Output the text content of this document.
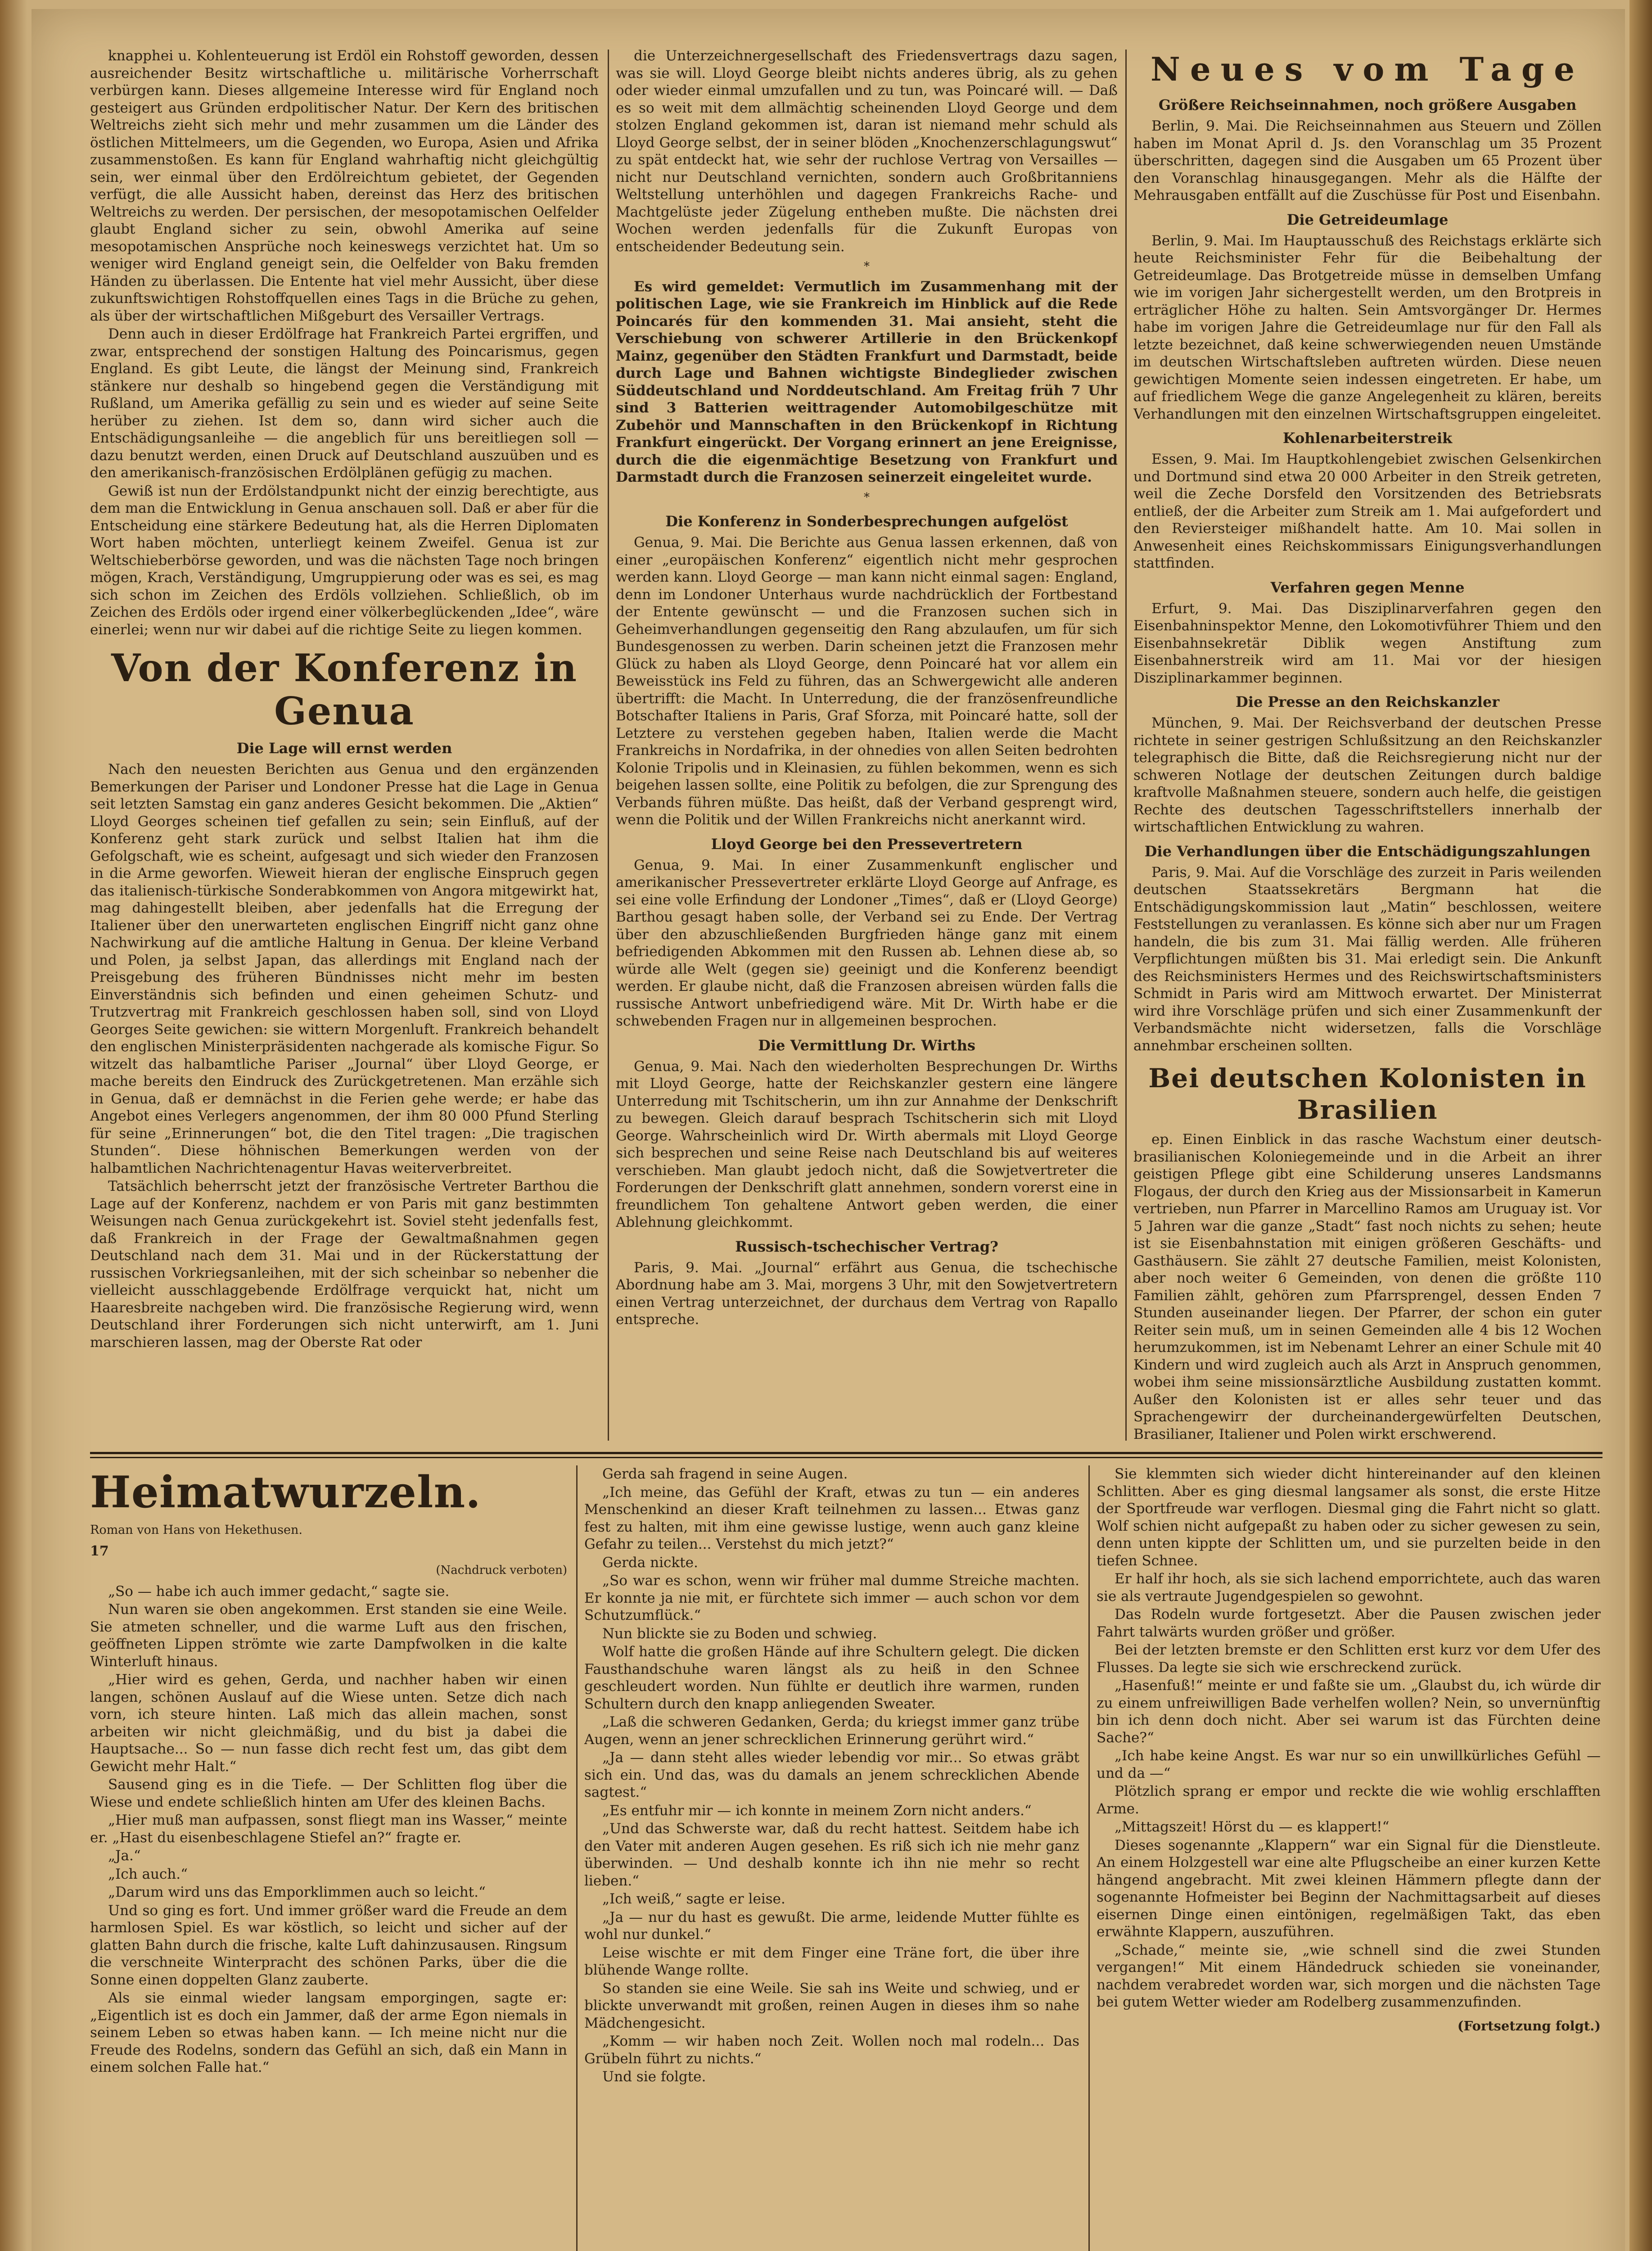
knapphei u. Kohlenteuerung ist Erdöl ein Rohstoff geworden, dessen ausreichender Besitz wirtschaftliche u. militärische Vorherrschaft verbürgen kann. Dieses allgemeine Interesse wird für England noch gesteigert aus Gründen erdpolitischer Natur. Der Kern des britischen Weltreichs zieht sich mehr und mehr zusammen um die Länder des östlichen Mittelmeers, um die Gegenden, wo Europa, Asien und Afrika zusammenstoßen. Es kann für England wahrhaftig nicht gleichgültig sein, wer einmal über den Erdölreichtum gebietet, der Gegenden verfügt, die alle Aussicht haben, dereinst das Herz des britischen Weltreichs zu werden. Der persischen, der mesopotamischen Oelfelder glaubt England sicher zu sein, obwohl Amerika auf seine mesopotamischen Ansprüche noch keineswegs verzichtet hat. Um so weniger wird England geneigt sein, die Oelfelder von Baku fremden Händen zu überlassen. Die Entente hat viel mehr Aussicht, über diese zukunftswichtigen Rohstoffquellen eines Tags in die Brüche zu gehen, als über der wirtschaftlichen Mißgeburt des Versailler Vertrags.

Denn auch in dieser Erdölfrage hat Frankreich Partei ergriffen, und zwar, entsprechend der sonstigen Haltung des Poincarismus, gegen England. Es gibt Leute, die längst der Meinung sind, Frankreich stänkere nur deshalb so hingebend gegen die Verständigung mit Rußland, um Amerika gefällig zu sein und es wieder auf seine Seite herüber zu ziehen. Ist dem so, dann wird sicher auch die Entschädigungsanleihe — die angeblich für uns bereitliegen soll — dazu benutzt werden, einen Druck auf Deutschland auszuüben und es den amerikanisch-französischen Erdölplänen gefügig zu machen.

Gewiß ist nun der Erdölstandpunkt nicht der einzig berechtigte, aus dem man die Entwicklung in Genua anschauen soll. Daß er aber für die Entscheidung eine stärkere Bedeutung hat, als die Herren Diplomaten Wort haben möchten, unterliegt keinem Zweifel. Genua ist zur Weltschieberbörse geworden, und was die nächsten Tage noch bringen mögen, Krach, Verständigung, Umgruppierung oder was es sei, es mag sich schon im Zeichen des Erdöls vollziehen. Schließlich, ob im Zeichen des Erdöls oder irgend einer völkerbeglückenden „Idee“, wäre einerlei; wenn nur wir dabei auf die richtige Seite zu liegen kommen.

Von der Konferenz in Genua
Die Lage will ernst werden

Nach den neuesten Berichten aus Genua und den ergänzenden Bemerkungen der Pariser und Londoner Presse hat die Lage in Genua seit letzten Samstag ein ganz anderes Gesicht bekommen. Die „Aktien“ Lloyd Georges scheinen tief gefallen zu sein; sein Einfluß, auf der Konferenz geht stark zurück und selbst Italien hat ihm die Gefolgschaft, wie es scheint, aufgesagt und sich wieder den Franzosen in die Arme geworfen. Wieweit hieran der englische Einspruch gegen das italienisch-türkische Sonderabkommen von Angora mitgewirkt hat, mag dahingestellt bleiben, aber jedenfalls hat die Erregung der Italiener über den unerwarteten englischen Eingriff nicht ganz ohne Nachwirkung auf die amtliche Haltung in Genua. Der kleine Verband und Polen, ja selbst Japan, das allerdings mit England nach der Preisgebung des früheren Bündnisses nicht mehr im besten Einverständnis sich befinden und einen geheimen Schutz- und Trutzvertrag mit Frankreich geschlossen haben soll, sind von Lloyd Georges Seite gewichen: sie wittern Morgenluft. Frankreich behandelt den englischen Ministerpräsidenten nachgerade als komische Figur. So witzelt das halbamtliche Pariser „Journal“ über Lloyd George, er mache bereits den Eindruck des Zurückgetretenen. Man erzähle sich in Genua, daß er demnächst in die Ferien gehe werde; er habe das Angebot eines Verlegers angenommen, der ihm 80 000 Pfund Sterling für seine „Erinnerungen“ bot, die den Titel tragen: „Die tragischen Stunden“. Diese höhnischen Bemerkungen werden von der halbamtlichen Nachrichtenagentur Havas weiterverbreitet.

Tatsächlich beherrscht jetzt der französische Vertreter Barthou die Lage auf der Konferenz, nachdem er von Paris mit ganz bestimmten Weisungen nach Genua zurückgekehrt ist. Soviel steht jedenfalls fest, daß Frankreich in der Frage der Gewaltmaßnahmen gegen Deutschland nach dem 31. Mai und in der Rückerstattung der russischen Vorkriegsanleihen, mit der sich scheinbar so nebenher die vielleicht ausschlaggebende Erdölfrage verquickt hat, nicht um Haaresbreite nachgeben wird. Die französische Regierung wird, wenn Deutschland ihrer Forderungen sich nicht unterwirft, am 1. Juni marschieren lassen, mag der Oberste Rat oder

die Unterzeichnergesellschaft des Friedensvertrags dazu sagen, was sie will. Lloyd George bleibt nichts anderes übrig, als zu gehen oder wieder einmal umzufallen und zu tun, was Poincaré will. — Daß es so weit mit dem allmächtig scheinenden Lloyd George und dem stolzen England gekommen ist, daran ist niemand mehr schuld als Lloyd George selbst, der in seiner blöden „Knochenzerschlagungswut“ zu spät entdeckt hat, wie sehr der ruchlose Vertrag von Versailles — nicht nur Deutschland vernichten, sondern auch Großbritanniens Weltstellung unterhöhlen und dagegen Frankreichs Rache- und Machtgelüste jeder Zügelung entheben mußte. Die nächsten drei Wochen werden jedenfalls für die Zukunft Europas von entscheidender Bedeutung sein.

*

Es wird gemeldet: Vermutlich im Zusammenhang mit der politischen Lage, wie sie Frankreich im Hinblick auf die Rede Poincarés für den kommenden 31. Mai ansieht, steht die Verschiebung von schwerer Artillerie in den Brückenkopf Mainz, gegenüber den Städten Frankfurt und Darmstadt, beide durch Lage und Bahnen wichtigste Bindeglieder zwischen Süddeutschland und Norddeutschland. Am Freitag früh 7 Uhr sind 3 Batterien weittragender Automobilgeschütze mit Zubehör und Mannschaften in den Brückenkopf in Richtung Frankfurt eingerückt. Der Vorgang erinnert an jene Ereignisse, durch die die eigenmächtige Besetzung von Frankfurt und Darmstadt durch die Franzosen seinerzeit eingeleitet wurde.

*
Die Konferenz in Sonderbesprechungen aufgelöst

Genua, 9. Mai. Die Berichte aus Genua lassen erkennen, daß von einer „europäischen Konferenz“ eigentlich nicht mehr gesprochen werden kann. Lloyd George — man kann nicht einmal sagen: England, denn im Londoner Unterhaus wurde nachdrücklich der Fortbestand der Entente gewünscht — und die Franzosen suchen sich in Geheimverhandlungen gegenseitig den Rang abzulaufen, um für sich Bundesgenossen zu werben. Darin scheinen jetzt die Franzosen mehr Glück zu haben als Lloyd George, denn Poincaré hat vor allem ein Beweisstück ins Feld zu führen, das an Schwergewicht alle anderen übertrifft: die Macht. In Unterredung, die der französenfreundliche Botschafter Italiens in Paris, Graf Sforza, mit Poincaré hatte, soll der Letztere zu verstehen gegeben haben, Italien werde die Macht Frankreichs in Nordafrika, in der ohnedies von allen Seiten bedrohten Kolonie Tripolis und in Kleinasien, zu fühlen bekommen, wenn es sich beigehen lassen sollte, eine Politik zu befolgen, die zur Sprengung des Verbands führen müßte. Das heißt, daß der Verband gesprengt wird, wenn die Politik und der Willen Frankreichs nicht anerkannt wird.

Lloyd George bei den Pressevertretern

Genua, 9. Mai. In einer Zusammenkunft englischer und amerikanischer Pressevertreter erklärte Lloyd George auf Anfrage, es sei eine volle Erfindung der Londoner „Times“, daß er (Lloyd George) Barthou gesagt haben solle, der Verband sei zu Ende. Der Vertrag über den abzuschließenden Burgfrieden hänge ganz mit einem befriedigenden Abkommen mit den Russen ab. Lehnen diese ab, so würde alle Welt (gegen sie) geeinigt und die Konferenz beendigt werden. Er glaube nicht, daß die Franzosen abreisen würden falls die russische Antwort unbefriedigend wäre. Mit Dr. Wirth habe er die schwebenden Fragen nur in allgemeinen besprochen.

Die Vermittlung Dr. Wirths

Genua, 9. Mai. Nach den wiederholten Besprechungen Dr. Wirths mit Lloyd George, hatte der Reichskanzler gestern eine längere Unterredung mit Tschitscherin, um ihn zur Annahme der Denkschrift zu bewegen. Gleich darauf besprach Tschitscherin sich mit Lloyd George. Wahrscheinlich wird Dr. Wirth abermals mit Lloyd George sich besprechen und seine Reise nach Deutschland bis auf weiteres verschieben. Man glaubt jedoch nicht, daß die Sowjetvertreter die Forderungen der Denkschrift glatt annehmen, sondern vorerst eine in freundlichem Ton gehaltene Antwort geben werden, die einer Ablehnung gleichkommt.

Russisch-tschechischer Vertrag?

Paris, 9. Mai. „Journal“ erfährt aus Genua, die tschechische Abordnung habe am 3. Mai, morgens 3 Uhr, mit den Sowjetvertretern einen Vertrag unterzeichnet, der durchaus dem Vertrag von Rapallo entspreche.

Neues vom Tage
Größere Reichseinnahmen, noch größere Ausgaben

Berlin, 9. Mai. Die Reichseinnahmen aus Steuern und Zöllen haben im Monat April d. Js. den Voranschlag um 35 Prozent überschritten, dagegen sind die Ausgaben um 65 Prozent über den Voranschlag hinausgegangen. Mehr als die Hälfte der Mehrausgaben entfällt auf die Zuschüsse für Post und Eisenbahn.

Die Getreideumlage

Berlin, 9. Mai. Im Hauptausschuß des Reichstags erklärte sich heute Reichsminister Fehr für die Beibehaltung der Getreideumlage. Das Brotgetreide müsse in demselben Umfang wie im vorigen Jahr sichergestellt werden, um den Brotpreis in erträglicher Höhe zu halten. Sein Amtsvorgänger Dr. Hermes habe im vorigen Jahre die Getreideumlage nur für den Fall als letzte bezeichnet, daß keine schwerwiegenden neuen Umstände im deutschen Wirtschaftsleben auftreten würden. Diese neuen gewichtigen Momente seien indessen eingetreten. Er habe, um auf friedlichem Wege die ganze Angelegenheit zu klären, bereits Verhandlungen mit den einzelnen Wirtschaftsgruppen eingeleitet.

Kohlenarbeiterstreik

Essen, 9. Mai. Im Hauptkohlengebiet zwischen Gelsenkirchen und Dortmund sind etwa 20 000 Arbeiter in den Streik getreten, weil die Zeche Dorsfeld den Vorsitzenden des Betriebsrats entließ, der die Arbeiter zum Streik am 1. Mai aufgefordert und den Reviersteiger mißhandelt hatte. Am 10. Mai sollen in Anwesenheit eines Reichskommissars Einigungsverhandlungen stattfinden.

Verfahren gegen Menne

Erfurt, 9. Mai. Das Disziplinarverfahren gegen den Eisenbahninspektor Menne, den Lokomotivführer Thiem und den Eisenbahnsekretär Diblik wegen Anstiftung zum Eisenbahnerstreik wird am 11. Mai vor der hiesigen Disziplinarkammer beginnen.

Die Presse an den Reichskanzler

München, 9. Mai. Der Reichsverband der deutschen Presse richtete in seiner gestrigen Schlußsitzung an den Reichskanzler telegraphisch die Bitte, daß die Reichsregierung nicht nur der schweren Notlage der deutschen Zeitungen durch baldige kraftvolle Maßnahmen steuere, sondern auch helfe, die geistigen Rechte des deutschen Tagesschriftstellers innerhalb der wirtschaftlichen Entwicklung zu wahren.

Die Verhandlungen über die Entschädigungszahlungen

Paris, 9. Mai. Auf die Vorschläge des zurzeit in Paris weilenden deutschen Staatssekretärs Bergmann hat die Entschädigungskommission laut „Matin“ beschlossen, weitere Feststellungen zu veranlassen. Es könne sich aber nur um Fragen handeln, die bis zum 31. Mai fällig werden. Alle früheren Verpflichtungen müßten bis 31. Mai erledigt sein. Die Ankunft des Reichsministers Hermes und des Reichswirtschaftsministers Schmidt in Paris wird am Mittwoch erwartet. Der Ministerrat wird ihre Vorschläge prüfen und sich einer Zusammenkunft der Verbandsmächte nicht widersetzen, falls die Vorschläge annehmbar erscheinen sollten.

Bei deutschen Kolonisten in Brasilien

ep. Einen Einblick in das rasche Wachstum einer deutsch-brasilianischen Koloniegemeinde und in die Arbeit an ihrer geistigen Pflege gibt eine Schilderung unseres Landsmanns Flogaus, der durch den Krieg aus der Missionsarbeit in Kamerun vertrieben, nun Pfarrer in Marcellino Ramos am Uruguay ist. Vor 5 Jahren war die ganze „Stadt“ fast noch nichts zu sehen; heute ist sie Eisenbahnstation mit einigen größeren Geschäfts- und Gasthäusern. Sie zählt 27 deutsche Familien, meist Kolonisten, aber noch weiter 6 Gemeinden, von denen die größte 110 Familien zählt, gehören zum Pfarrsprengel, dessen Enden 7 Stunden auseinander liegen. Der Pfarrer, der schon ein guter Reiter sein muß, um in seinen Gemeinden alle 4 bis 12 Wochen herumzukommen, ist im Nebenamt Lehrer an einer Schule mit 40 Kindern und wird zugleich auch als Arzt in Anspruch genommen, wobei ihm seine missionsärztliche Ausbildung zustatten kommt. Außer den Kolonisten ist er alles sehr teuer und das Sprachengewirr der durcheinandergewürfelten Deutschen, Brasilianer, Italiener und Polen wirkt erschwerend.

Heimatwurzeln.
Roman von Hans von Hekethusen.
17
(Nachdruck verboten)

„So — habe ich auch immer gedacht,“ sagte sie.

Nun waren sie oben angekommen. Erst standen sie eine Weile. Sie atmeten schneller, und die warme Luft aus den frischen, geöffneten Lippen strömte wie zarte Dampfwolken in die kalte Winterluft hinaus.

„Hier wird es gehen, Gerda, und nachher haben wir einen langen, schönen Auslauf auf die Wiese unten. Setze dich nach vorn, ich steure hinten. Laß mich das allein machen, sonst arbeiten wir nicht gleichmäßig, und du bist ja dabei die Hauptsache... So — nun fasse dich recht fest um, das gibt dem Gewicht mehr Halt.“

Sausend ging es in die Tiefe. — Der Schlitten flog über die Wiese und endete schließlich hinten am Ufer des kleinen Bachs.

„Hier muß man aufpassen, sonst fliegt man ins Wasser,“ meinte er. „Hast du eisenbeschlagene Stiefel an?“ fragte er.

„Ja.“

„Ich auch.“

„Darum wird uns das Emporklimmen auch so leicht.“

Und so ging es fort. Und immer größer ward die Freude an dem harmlosen Spiel. Es war köstlich, so leicht und sicher auf der glatten Bahn durch die frische, kalte Luft dahinzusausen. Ringsum die verschneite Winterpracht des schönen Parks, über die die Sonne einen doppelten Glanz zauberte.

Als sie einmal wieder langsam emporgingen, sagte er: „Eigentlich ist es doch ein Jammer, daß der arme Egon niemals in seinem Leben so etwas haben kann. — Ich meine nicht nur die Freude des Rodelns, sondern das Gefühl an sich, daß ein Mann in einem solchen Falle hat.“

Gerda sah fragend in seine Augen.

„Ich meine, das Gefühl der Kraft, etwas zu tun — ein anderes Menschenkind an dieser Kraft teilnehmen zu lassen... Etwas ganz fest zu halten, mit ihm eine gewisse lustige, wenn auch ganz kleine Gefahr zu teilen... Verstehst du mich jetzt?“

Gerda nickte.

„So war es schon, wenn wir früher mal dumme Streiche machten. Er konnte ja nie mit, er fürchtete sich immer — auch schon vor dem Schutzumflück.“

Nun blickte sie zu Boden und schwieg.

Wolf hatte die großen Hände auf ihre Schultern gelegt. Die dicken Fausthandschuhe waren längst als zu heiß in den Schnee geschleudert worden. Nun fühlte er deutlich ihre warmen, runden Schultern durch den knapp anliegenden Sweater.

„Laß die schweren Gedanken, Gerda; du kriegst immer ganz trübe Augen, wenn an jener schrecklichen Erinnerung gerührt wird.“

„Ja — dann steht alles wieder lebendig vor mir... So etwas gräbt sich ein. Und das, was du damals an jenem schrecklichen Abende sagtest.“

„Es entfuhr mir — ich konnte in meinem Zorn nicht anders.“

„Und das Schwerste war, daß du recht hattest. Seitdem habe ich den Vater mit anderen Augen gesehen. Es riß sich ich nie mehr ganz überwinden. — Und deshalb konnte ich ihn nie mehr so recht lieben.“

„Ich weiß,“ sagte er leise.

„Ja — nur du hast es gewußt. Die arme, leidende Mutter fühlte es wohl nur dunkel.“

Leise wischte er mit dem Finger eine Träne fort, die über ihre blühende Wange rollte.

So standen sie eine Weile. Sie sah ins Weite und schwieg, und er blickte unverwandt mit großen, reinen Augen in dieses ihm so nahe Mädchengesicht.

„Komm — wir haben noch Zeit. Wollen noch mal rodeln... Das Grübeln führt zu nichts.“

Und sie folgte.

Sie klemmten sich wieder dicht hintereinander auf den kleinen Schlitten. Aber es ging diesmal langsamer als sonst, die erste Hitze der Sportfreude war verflogen. Diesmal ging die Fahrt nicht so glatt. Wolf schien nicht aufgepaßt zu haben oder zu sicher gewesen zu sein, denn unten kippte der Schlitten um, und sie purzelten beide in den tiefen Schnee.

Er half ihr hoch, als sie sich lachend emporrichtete, auch das waren sie als vertraute Jugendgespielen so gewohnt.

Das Rodeln wurde fortgesetzt. Aber die Pausen zwischen jeder Fahrt talwärts wurden größer und größer.

Bei der letzten bremste er den Schlitten erst kurz vor dem Ufer des Flusses. Da legte sie sich wie erschreckend zurück.

„Hasenfuß!“ meinte er und faßte sie um. „Glaubst du, ich würde dir zu einem unfreiwilligen Bade verhelfen wollen? Nein, so unvernünftig bin ich denn doch nicht. Aber sei warum ist das Fürchten deine Sache?“

„Ich habe keine Angst. Es war nur so ein unwillkürliches Gefühl — und da —“

Plötzlich sprang er empor und reckte die wie wohlig erschlafften Arme.

„Mittagszeit! Hörst du — es klappert!“

Dieses sogenannte „Klappern“ war ein Signal für die Dienstleute. An einem Holzgestell war eine alte Pflugscheibe an einer kurzen Kette hängend angebracht. Mit zwei kleinen Hämmern pflegte dann der sogenannte Hofmeister bei Beginn der Nachmittagsarbeit auf dieses eisernen Dinge einen eintönigen, regelmäßigen Takt, das eben erwähnte Klappern, auszuführen.

„Schade,“ meinte sie, „wie schnell sind die zwei Stunden vergangen!“ Mit einem Händedruck schieden sie voneinander, nachdem verabredet worden war, sich morgen und die nächsten Tage bei gutem Wetter wieder am Rodelberg zusammenzufinden.

(Fortsetzung folgt.)
